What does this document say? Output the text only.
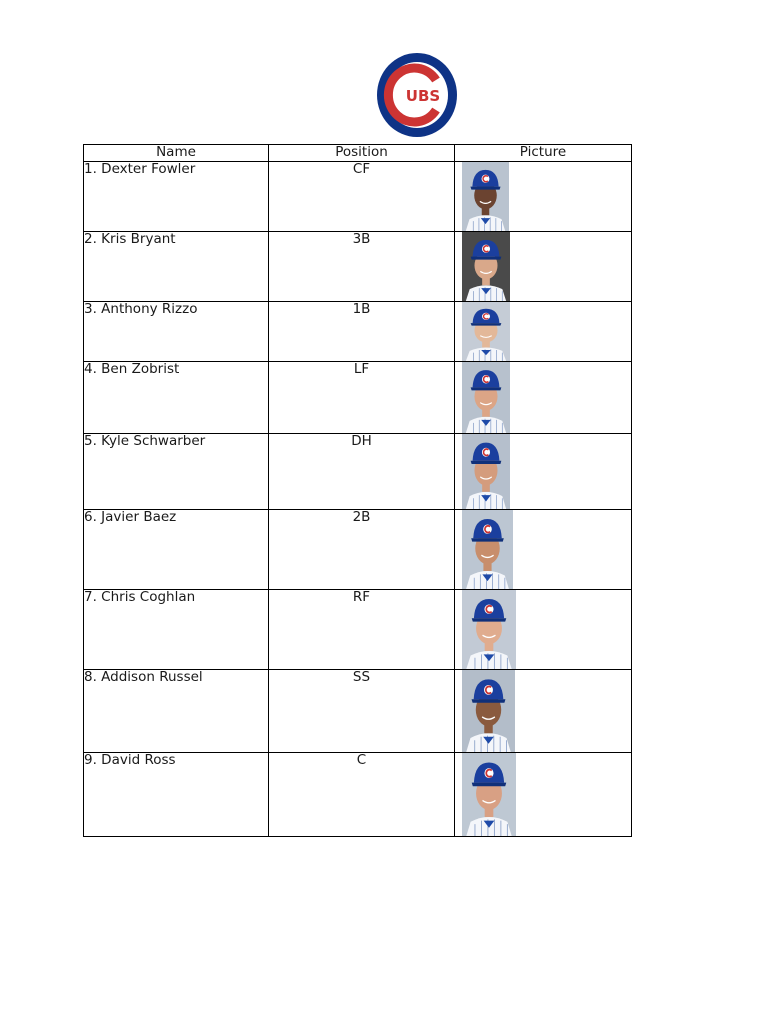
UBS
Name	Position	Picture
1. Dexter Fowler	CF	

2. Kris Bryant	3B	

3. Anthony Rizzo	1B	

4. Ben Zobrist	LF	

5. Kyle Schwarber	DH	

6. Javier Baez	2B	

7. Chris Coghlan	RF	

8. Addison Russel	SS	

9. David Ross	C	
